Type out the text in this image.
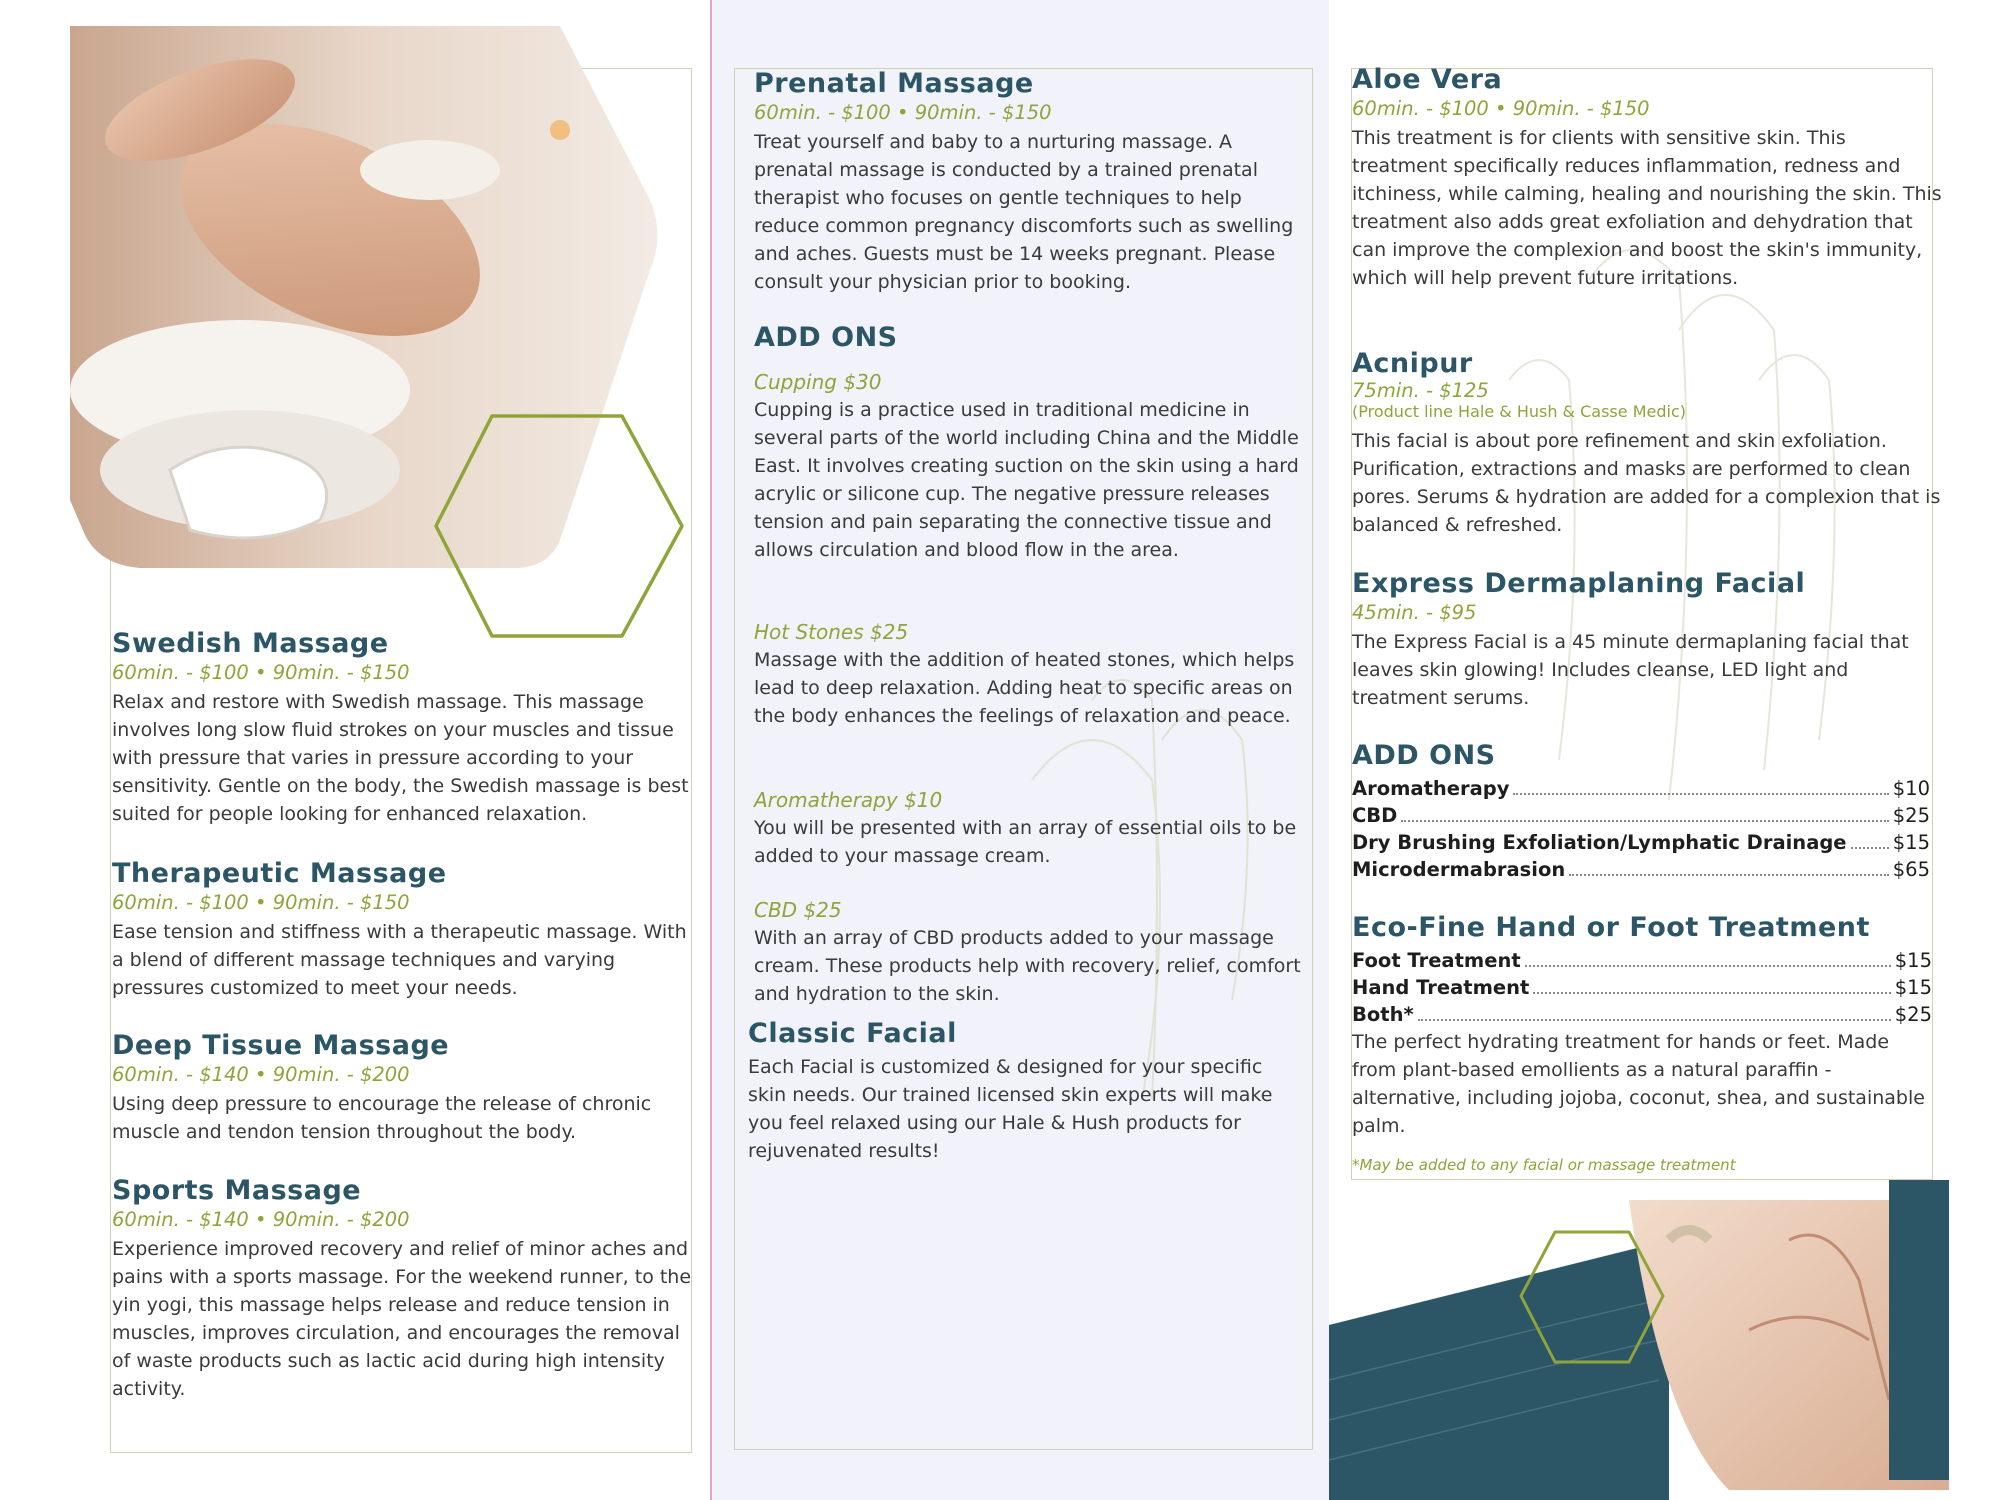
Swedish Massage
60min. - $100 • 90min. - $150

Relax and restore with Swedish massage. This massage involves long slow fluid strokes on your muscles and tissue with pressure that varies in pressure according to your sensitivity. Gentle on the body, the Swedish massage is best suited for people looking for enhanced relaxation.

Therapeutic Massage
60min. - $100 • 90min. - $150

Ease tension and stiffness with a therapeutic massage. With a blend of different massage techniques and varying pressures customized to meet your needs.

Deep Tissue Massage
60min. - $140 • 90min. - $200

Using deep pressure to encourage the release of chronic muscle and tendon tension throughout the body.

Sports Massage
60min. - $140 • 90min. - $200

Experience improved recovery and relief of minor aches and pains with a sports massage. For the weekend runner, to the yin yogi, this massage helps release and reduce tension in muscles, improves circulation, and encourages the removal of waste products such as lactic acid during high intensity activity.

Prenatal Massage
60min. - $100 • 90min. - $150

Treat yourself and baby to a nurturing massage. A prenatal massage is conducted by a trained prenatal therapist who focuses on gentle techniques to help reduce common pregnancy discomforts such as swelling and aches. Guests must be 14 weeks pregnant. Please consult your physician prior to booking.

ADD ONS
Cupping $30

Cupping is a practice used in traditional medicine in several parts of the world including China and the Middle East. It involves creating suction on the skin using a hard acrylic or silicone cup. The negative pressure releases tension and pain separating the connective tissue and allows circulation and blood flow in the area.

Hot Stones $25

Massage with the addition of heated stones, which helps lead to deep relaxation. Adding heat to specific areas on the body enhances the feelings of relaxation and peace.

Aromatherapy $10

You will be presented with an array of essential oils to be added to your massage cream.

CBD $25

With an array of CBD products added to your massage cream. These products help with recovery, relief, comfort and hydration to the skin.

Classic Facial

Each Facial is customized & designed for your specific skin needs. Our trained licensed skin experts will make you feel relaxed using our Hale & Hush products for rejuvenated results!

Aloe Vera
60min. - $100 • 90min. - $150

This treatment is for clients with sensitive skin. This treatment specifically reduces inflammation, redness and itchiness, while calming, healing and nourishing the skin. This treatment also adds great exfoliation and dehydration that can improve the complexion and boost the skin's immunity, which will help prevent future irritations.

Acnipur
75min. - $125
(Product line Hale & Hush & Casse Medic)

This facial is about pore refinement and skin exfoliation. Purification, extractions and masks are performed to clean pores. Serums & hydration are added for a complexion that is balanced & refreshed.

Express Dermaplaning Facial
45min. - $95

The Express Facial is a 45 minute dermaplaning facial that leaves skin glowing! Includes cleanse, LED light and treatment serums.

ADD ONS
Aromatherapy	$10
CBD	$25
Dry Brushing Exfoliation/Lymphatic Drainage $15
Microdermabrasion	$65
Eco-Fine Hand or Foot Treatment
Foot Treatment	$15
Hand Treatment	$15
Both*	$25

The perfect hydrating treatment for hands or feet. Made from plant-based emollients as a natural paraffin - alternative, including jojoba, coconut, shea, and sustainable palm.

*May be added to any facial or massage treatment
